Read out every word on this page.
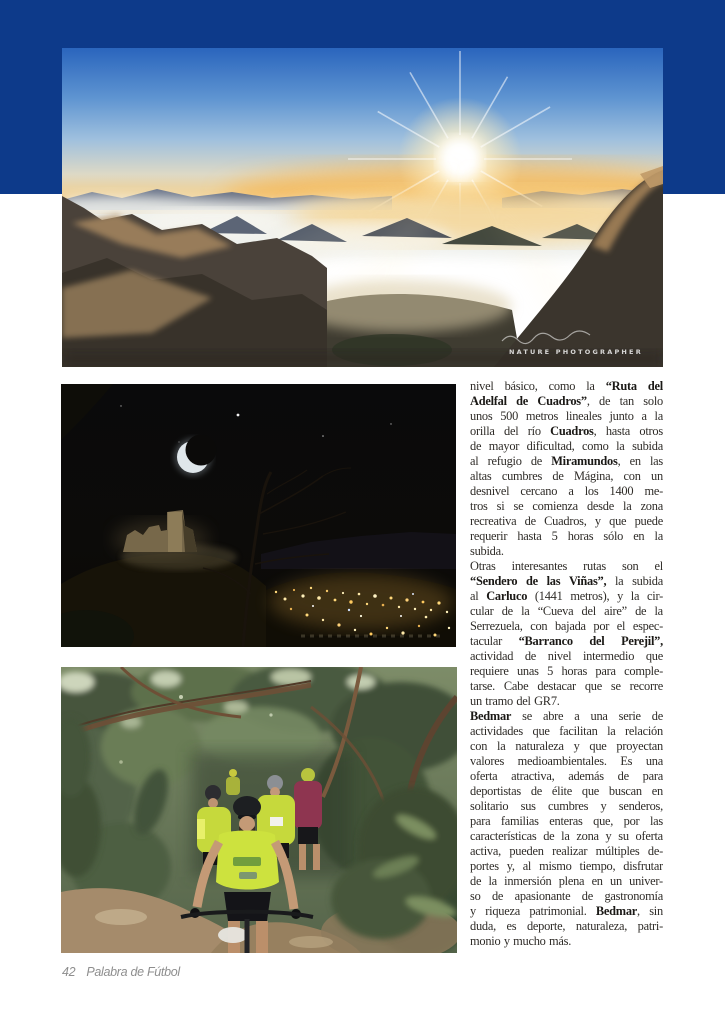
NATURE PHOTOGRAPHER
nivel básico, como la “Ruta del
Adelfal de Cuadros”, de tan solo
unos 500 metros lineales junto a la
orilla del río Cuadros, hasta otros
de mayor dificultad, como la subida
al refugio de Miramundos, en las
altas cumbres de Mágina, con un
desnivel cercano a los 1400 me-
tros si se comienza desde la zona
recreativa de Cuadros, y que puede
requerir hasta 5 horas sólo en la
subida.
Otras interesantes rutas son el
“Sendero de las Viñas”, la subida
al Carluco (1441 metros), y la cir-
cular de la “Cueva del aire” de la
Serrezuela, con bajada por el espec-
tacular “Barranco del Perejil”,
actividad de nivel intermedio que
requiere unas 5 horas para comple-
tarse. Cabe destacar que se recorre
un tramo del GR7.
Bedmar se abre a una serie de
actividades que facilitan la relación
con la naturaleza y que proyectan
valores medioambientales. Es una
oferta atractiva, además de para
deportistas de élite que buscan en
solitario sus cumbres y senderos,
para familias enteras que, por las
características de la zona y su oferta
activa, pueden realizar múltiples de-
portes y, al mismo tiempo, disfrutar
de la inmersión plena en un univer-
so de apasionante de gastronomía
y riqueza patrimonial. Bedmar, sin
duda, es deporte, naturaleza, patri-
monio y mucho más.
42 Palabra de Fútbol
